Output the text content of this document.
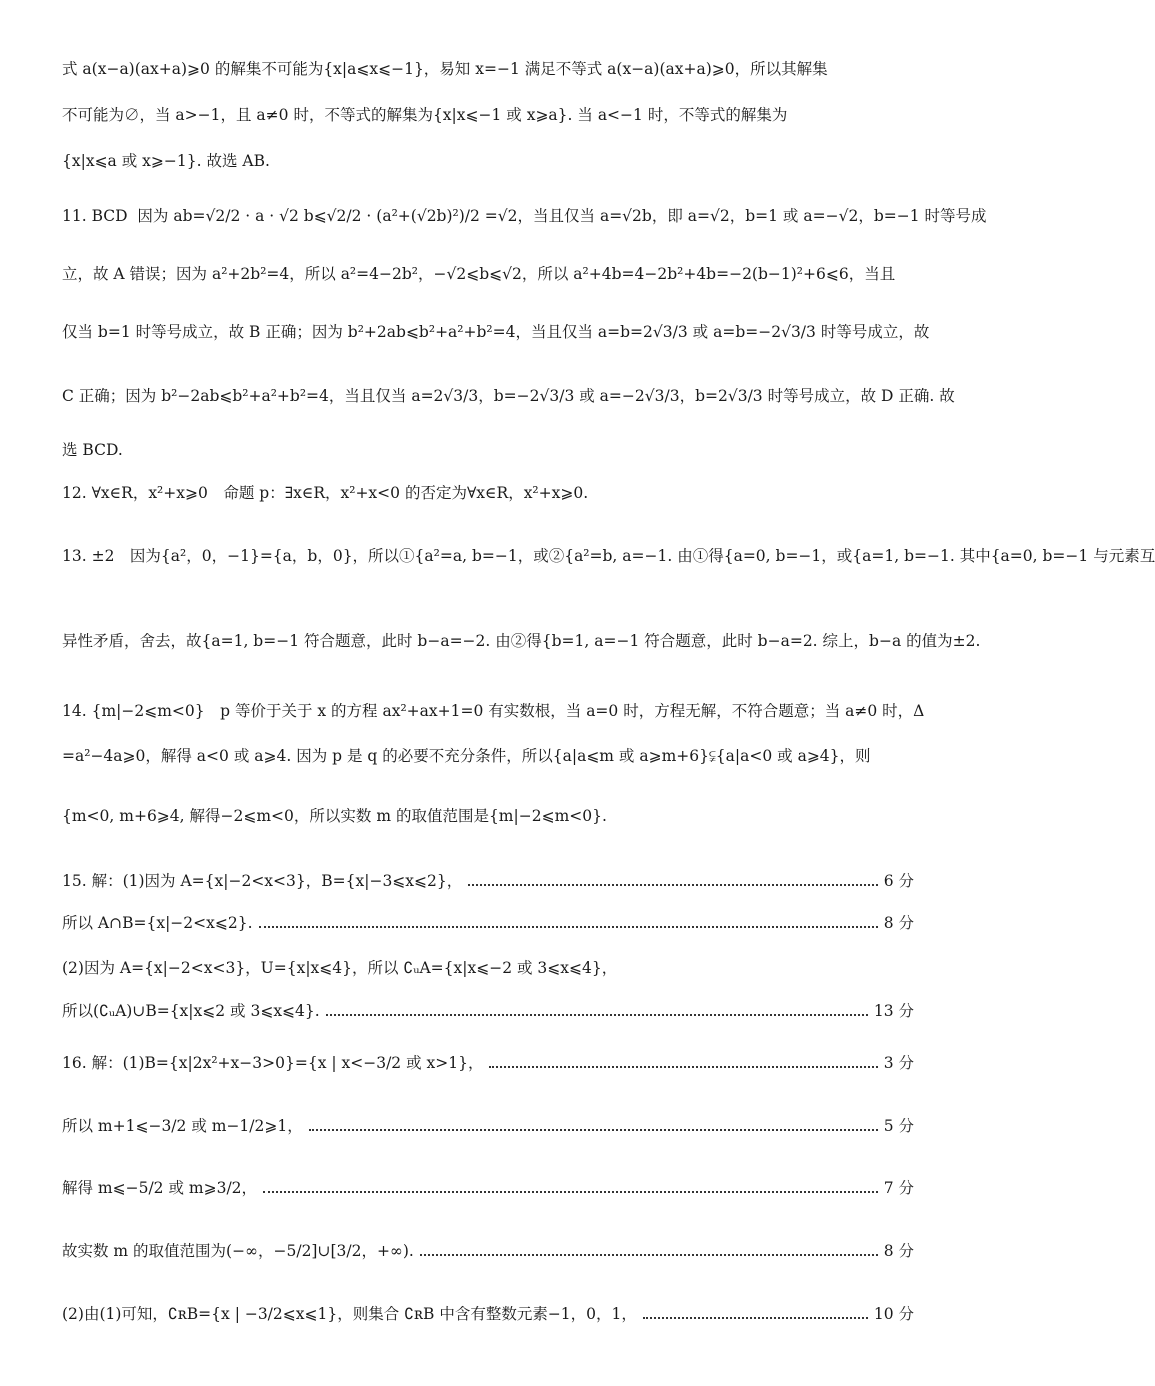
式 a(x−a)(ax+a)⩾0 的解集不可能为{x|a⩽x⩽−1}，易知 x=−1 满足不等式 a(x−a)(ax+a)⩾0，所以其解集
不可能为∅，当 a>−1，且 a≠0 时，不等式的解集为{x|x⩽−1 或 x⩾a}. 当 a<−1 时，不等式的解集为
{x|x⩽a 或 x⩾−1}. 故选 AB.
11. BCD 因为 ab=√2/2 · a · √2 b⩽√2/2 · (a²+(√2b)²)/2 =√2，当且仅当 a=√2b，即 a=√2，b=1 或 a=−√2，b=−1 时等号成
立，故 A 错误；因为 a²+2b²=4，所以 a²=4−2b²，−√2⩽b⩽√2，所以 a²+4b=4−2b²+4b=−2(b−1)²+6⩽6，当且
仅当 b=1 时等号成立，故 B 正确；因为 b²+2ab⩽b²+a²+b²=4，当且仅当 a=b=2√3/3 或 a=b=−2√3/3 时等号成立，故
C 正确；因为 b²−2ab⩽b²+a²+b²=4，当且仅当 a=2√3/3，b=−2√3/3 或 a=−2√3/3，b=2√3/3 时等号成立，故 D 正确. 故
选 BCD.
12. ∀x∈R，x²+x⩾0　命题 p：∃x∈R，x²+x<0 的否定为∀x∈R，x²+x⩾0.
13. ±2　因为{a²，0，−1}={a，b，0}，所以①{a²=a, b=−1，或②{a²=b, a=−1. 由①得{a=0, b=−1，或{a=1, b=−1. 其中{a=0, b=−1 与元素互
异性矛盾，舍去，故{a=1, b=−1 符合题意，此时 b−a=−2. 由②得{b=1, a=−1 符合题意，此时 b−a=2. 综上，b−a 的值为±2.
14. {m|−2⩽m<0}　p 等价于关于 x 的方程 ax²+ax+1=0 有实数根，当 a=0 时，方程无解，不符合题意；当 a≠0 时，Δ
=a²−4a⩾0，解得 a<0 或 a⩾4. 因为 p 是 q 的必要不充分条件，所以{a|a⩽m 或 a⩾m+6}⫋{a|a<0 或 a⩾4}，则
{m<0, m+6⩾4, 解得−2⩽m<0，所以实数 m 的取值范围是{m|−2⩽m<0}.
15. 解：(1)因为 A={x|−2<x<3}，B={x|−3⩽x⩽2}，	6 分
所以 A∩B={x|−2<x⩽2}.	8 分
(2)因为 A={x|−2<x<3}，U={x|x⩽4}，所以 ∁ᵤA={x|x⩽−2 或 3⩽x⩽4}，
所以(∁ᵤA)∪B={x|x⩽2 或 3⩽x⩽4}.	13 分
16. 解：(1)B={x|2x²+x−3>0}={x | x<−3/2 或 x>1}，	3 分
所以 m+1⩽−3/2 或 m−1/2⩾1，	5 分
解得 m⩽−5/2 或 m⩾3/2，	7 分
故实数 m 的取值范围为(−∞，−5/2]∪[3/2，+∞).	8 分
(2)由(1)可知，∁ʀB={x | −3/2⩽x⩽1}，则集合 ∁ʀB 中含有整数元素−1，0，1，	10 分
